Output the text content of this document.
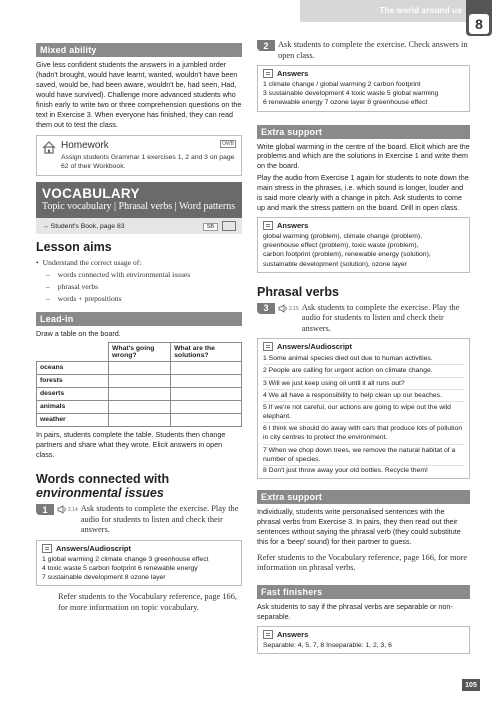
The world around us
8
Mixed ability

Give less confident students the answers in a jumbled order (hadn't brought, would have learnt, wanted, wouldn't have been saved, would be, had been aware, wouldn't be, had seen, Had, would have survived). Challenge more advanced students who finish early to write two or three comprehension questions on the text in Exercise 3. When everyone has finished, they can read them out to test the class.

Homework	OWB
Assign students Grammar 1 exercises 1, 2 and 3 on page 62 of their Workbook.
VOCABULARY
Topic vocabulary | Phrasal verbs | Word patterns
→ Student's Book, page 83	SB
Lesson aims
• Understand the correct usage of:
– words connected with environmental issues
– phrasal verbs
– words + prepositions
Lead-in

Draw a table on the board.

	What's going wrong?	What are the solutions?
oceans		
forests		
deserts		
animals		
weather		

In pairs, students complete the table. Students then change partners and share what they wrote. Elicit answers in open class.

Words connected with
environmental issues
1	2.14 Ask students to complete the exercise. Play the audio for students to listen and check their answers.
Answers/Audioscript
1 global warming 2 climate change 3 greenhouse effect
4 toxic waste 5 carbon footprint 6 renewable energy
7 sustainable development 8 ozone layer

Refer students to the Vocabulary reference, page 166, for more information on topic vocabulary.

2	Ask students to complete the exercise. Check answers in open class.
Answers
1 climate change / global warming 2 carbon footprint
3 sustainable development 4 toxic waste 5 global warming
6 renewable energy 7 ozone layer 8 greenhouse effect
Extra support

Write global warming in the centre of the board. Elicit which are the problems and which are the solutions in Exercise 1 and write them on the board.

Play the audio from Exercise 1 again for students to note down the main stress in the phrases, i.e. which sound is longer, louder and is said more clearly with a change in pitch. Ask students to come up and mark the stress pattern on the board. Drill in open class.

Answers
global warming (problem), climate change (problem),
greenhouse effect (problem), toxic waste (problem),
carbon footprint (problem), renewable energy (solution),
sustainable development (solution), ozone layer
Phrasal verbs
3	2.15 Ask students to complete the exercise. Play the audio for students to listen and check their answers.
Answers/Audioscript
1 Some animal species died out due to human activities.
2 People are calling for urgent action on climate change.
3 Will we just keep using oil until it all runs out?
4 We all have a responsibility to help clean up our beaches.
5 If we're not careful, our actions are going to wipe out the wild elephant.
6 I think we should do away with cars that produce lots of pollution in city centres to protect the environment.
7 When we chop down trees, we remove the natural habitat of a number of species.
8 Don't just throw away your old bottles. Recycle them!
Extra support

Individually, students write personalised sentences with the phrasal verbs from Exercise 3. In pairs, they then read out their sentences without saying the phrasal verb (they could substitute this for a 'beep' sound) for their partner to guess.

Refer students to the Vocabulary reference, page 166, for more information on phrasal verbs.

Fast finishers

Ask students to say if the phrasal verbs are separable or non-separable.

Answers
Separable: 4, 5, 7, 8 Inseparable: 1, 2, 3, 6
105
